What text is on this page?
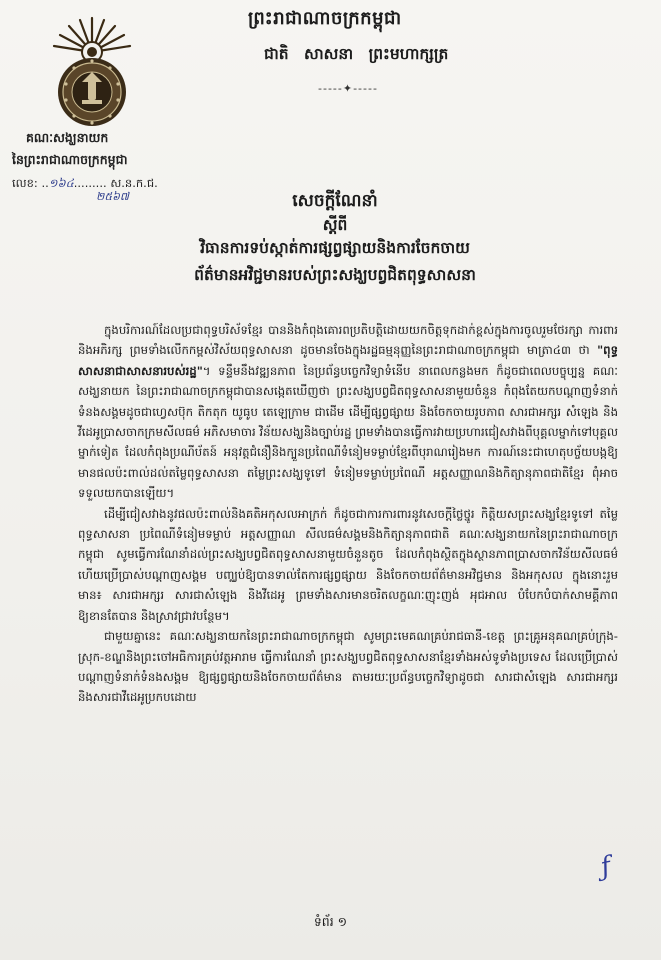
គណៈសង្ឃនាយក
នៃព្រះរាជាណាចក្រកម្ពុជា
លេខ: ..១៦៤......... ស.ន.ក.ជ.
២៥៦៧
ព្រះរាជាណាចក្រកម្ពុជា
ជាតិ សាសនា ព្រះមហាក្សត្រ
-----✦-----
សេចក្តីណែនាំ
ស្តីពី
វិធានការទប់ស្កាត់ការផ្សព្វផ្សាយនិងការចែកចាយ
ព័ត៌មានអវិជ្ជមានរបស់ព្រះសង្ឃបព្វជិតពុទ្ធសាសនា

ក្នុងបរិការណ៍ដែលប្រជាពុទ្ធបរិស័ទខ្មែរ បាននិងកំពុងគោរពប្រតិបត្តិដោយយកចិត្តទុកដាក់ខ្ពស់ក្នុងការចូលរួមថែរក្សា ការពារ និងអភិរក្ស ព្រមទាំងលើកកម្ពស់វិស័យពុទ្ធសាសនា ដូចមានចែងក្នុងរដ្ឋធម្មនុញ្ញនៃព្រះរាជាណាចក្រកម្ពុជា មាត្រា៤៣ ថា "ពុទ្ធសាសនាជាសាសនារបស់រដ្ឋ"។ ទន្ទឹមនឹងវឌ្ឍនភាព នៃប្រព័ន្ធបច្ចេកវិទ្យាទំនើប នាពេលកន្លងមក ក៏ដូចជាពេលបច្ចុប្បន្ន គណៈសង្ឃនាយក នៃព្រះរាជាណាចក្រកម្ពុជាបានសង្កេតឃើញថា ព្រះសង្ឃបព្វជិតពុទ្ធសាសនាមួយចំនួន កំពុងតែយកបណ្តាញទំនាក់ទំនងសង្គមដូចជាហ្វេសប៊ុក តិកតុក យូធូប តេឡេក្រាម ជាដើម ដើម្បីផ្សព្វផ្សាយ និងចែកចាយរូបភាព សារជាអក្សរ សំឡេង និងវីដេអូប្រាសចាកក្រមសីលធម៌ អភិសមាចារ វិន័យសង្ឃនិងច្បាប់រដ្ឋ ព្រមទាំងបានធ្វើការវាយប្រហារជៀសវាងពីបុគ្គលម្នាក់ទៅបុគ្គលម្នាក់ទៀត ដែលកំពុងប្រណីប័តន៍ អនុវត្តជំនឿនិងក្បួនប្រពៃណីទំនៀមទម្លាប់ខ្មែរពីបុរាណរៀងមក ការណ៍នេះជាហេតុបច្ច័យបង្កឱ្យមានផលប៉ះពាល់ដល់តម្លៃពុទ្ធសាសនា តម្លៃព្រះសង្ឃទូទៅ ទំនៀមទម្លាប់ប្រពៃណី អត្តសញ្ញាណនិងកិត្យានុភាពជាតិខ្មែរ ពុំអាចទទួលយកបានឡើយ។

ដើម្បីជៀសវាងនូវផលប៉ះពាល់និងគតិអកុសលអាក្រក់ ក៏ដូចជាការការពារនូវសេចក្តីថ្លៃថ្នូរ កិត្តិយសព្រះសង្ឃខ្មែរទូទៅ តម្លៃពុទ្ធសាសនា ប្រពៃណីទំនៀមទម្លាប់ អត្តសញ្ញាណ សីលធម៌សង្គមនិងកិត្យានុភាពជាតិ គណៈសង្ឃនាយកនៃព្រះរាជាណាចក្រកម្ពុជា សូមធ្វើការណែនាំដល់ព្រះសង្ឃបព្វជិតពុទ្ធសាសនាមួយចំនួនតូច ដែលកំពុងស្ថិតក្នុងស្ថានភាពប្រាសចាកវិន័យសីលធម៌ ហើយប្រើប្រាស់បណ្តាញសង្គម បញ្ឈប់ឱ្យបានទាល់តែការផ្សព្វផ្សាយ និងចែកចាយព័ត៌មានអវិជ្ជមាន និងអកុសល ក្នុងនោះរួមមាន៖ សារជាអក្សរ សារជាសំឡេង និងវីដេអូ ព្រមទាំងសារមានចរិតលក្ខណៈញុះញង់ អុជអាល បំបែកបំបាក់សាមគ្គីភាព ឱ្យខានតែបាន និងស្រាវជ្រាវបន្ថែម។

ជាមួយគ្នានេះ គណៈសង្ឃនាយកនៃព្រះរាជាណាចក្រកម្ពុជា សូមព្រះមេគណគ្រប់រាជធានី-ខេត្ត ព្រះគ្រូអនុគណគ្រប់ក្រុង-ស្រុក-ខណ្ឌនិងព្រះចៅអធិការគ្រប់វត្តអារាម ធ្វើការណែនាំ ព្រះសង្ឃបព្វជិតពុទ្ធសាសនាខ្មែរទាំងអស់ទូទាំងប្រទេស ដែលប្រើប្រាស់បណ្តាញទំនាក់ទំនងសង្គម ឱ្យផ្សព្វផ្សាយនិងចែកចាយព័ត៌មាន តាមរយៈប្រព័ន្ធបច្ចេកវិទ្យាដូចជា សារជាសំឡេង សារជាអក្សរនិងសារជាវីដេអូប្រកបដោយ

ƒ
ទំព័រ ១
